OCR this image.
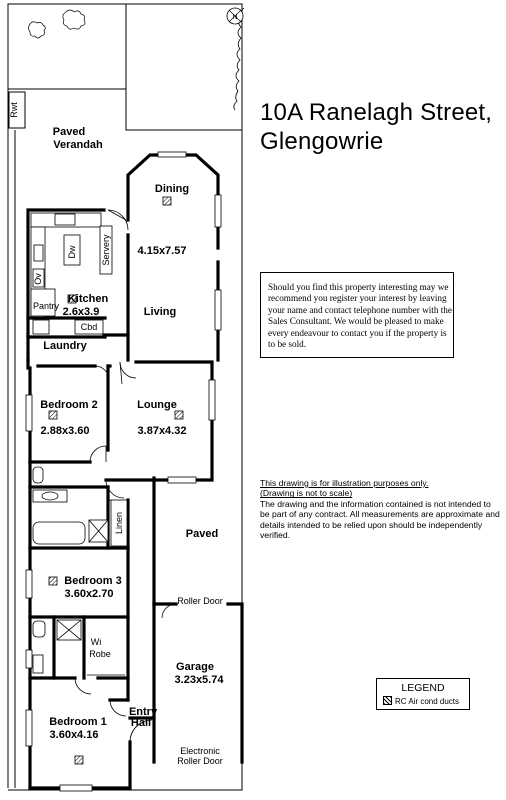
N
Rwt
Paved
Verandah
Dining
4.15x7.57
Living
Dw	Servery
Ov
Pantry
Kitchen
2.6x3.9
Cbd
Laundry
Bedroom 2
2.88x3.60
Lounge
3.87x4.32
Linen	Paved
Roller Door
Bedroom 3
3.60x2.70
Wi
Robe
Garage
3.23x5.74
Entry
Hall
Bedroom 1
3.60x4.16
Electronic
Roller Door
10A Ranelagh Street,
Glengowrie
Should you find this property interesting may we recommend you register your interest by leaving your name and contact telephone number with the Sales Consultant. We would be pleased to make every endeavour to contact you if the property is to be sold.
This drawing is for illustration purposes only.
(Drawing is not to scale)
The drawing and the information contained is not intended to be part of any contract. All measurements are approximate and details intended to be relied upon should be independently verified.
LEGEND
RC Air cond ducts
